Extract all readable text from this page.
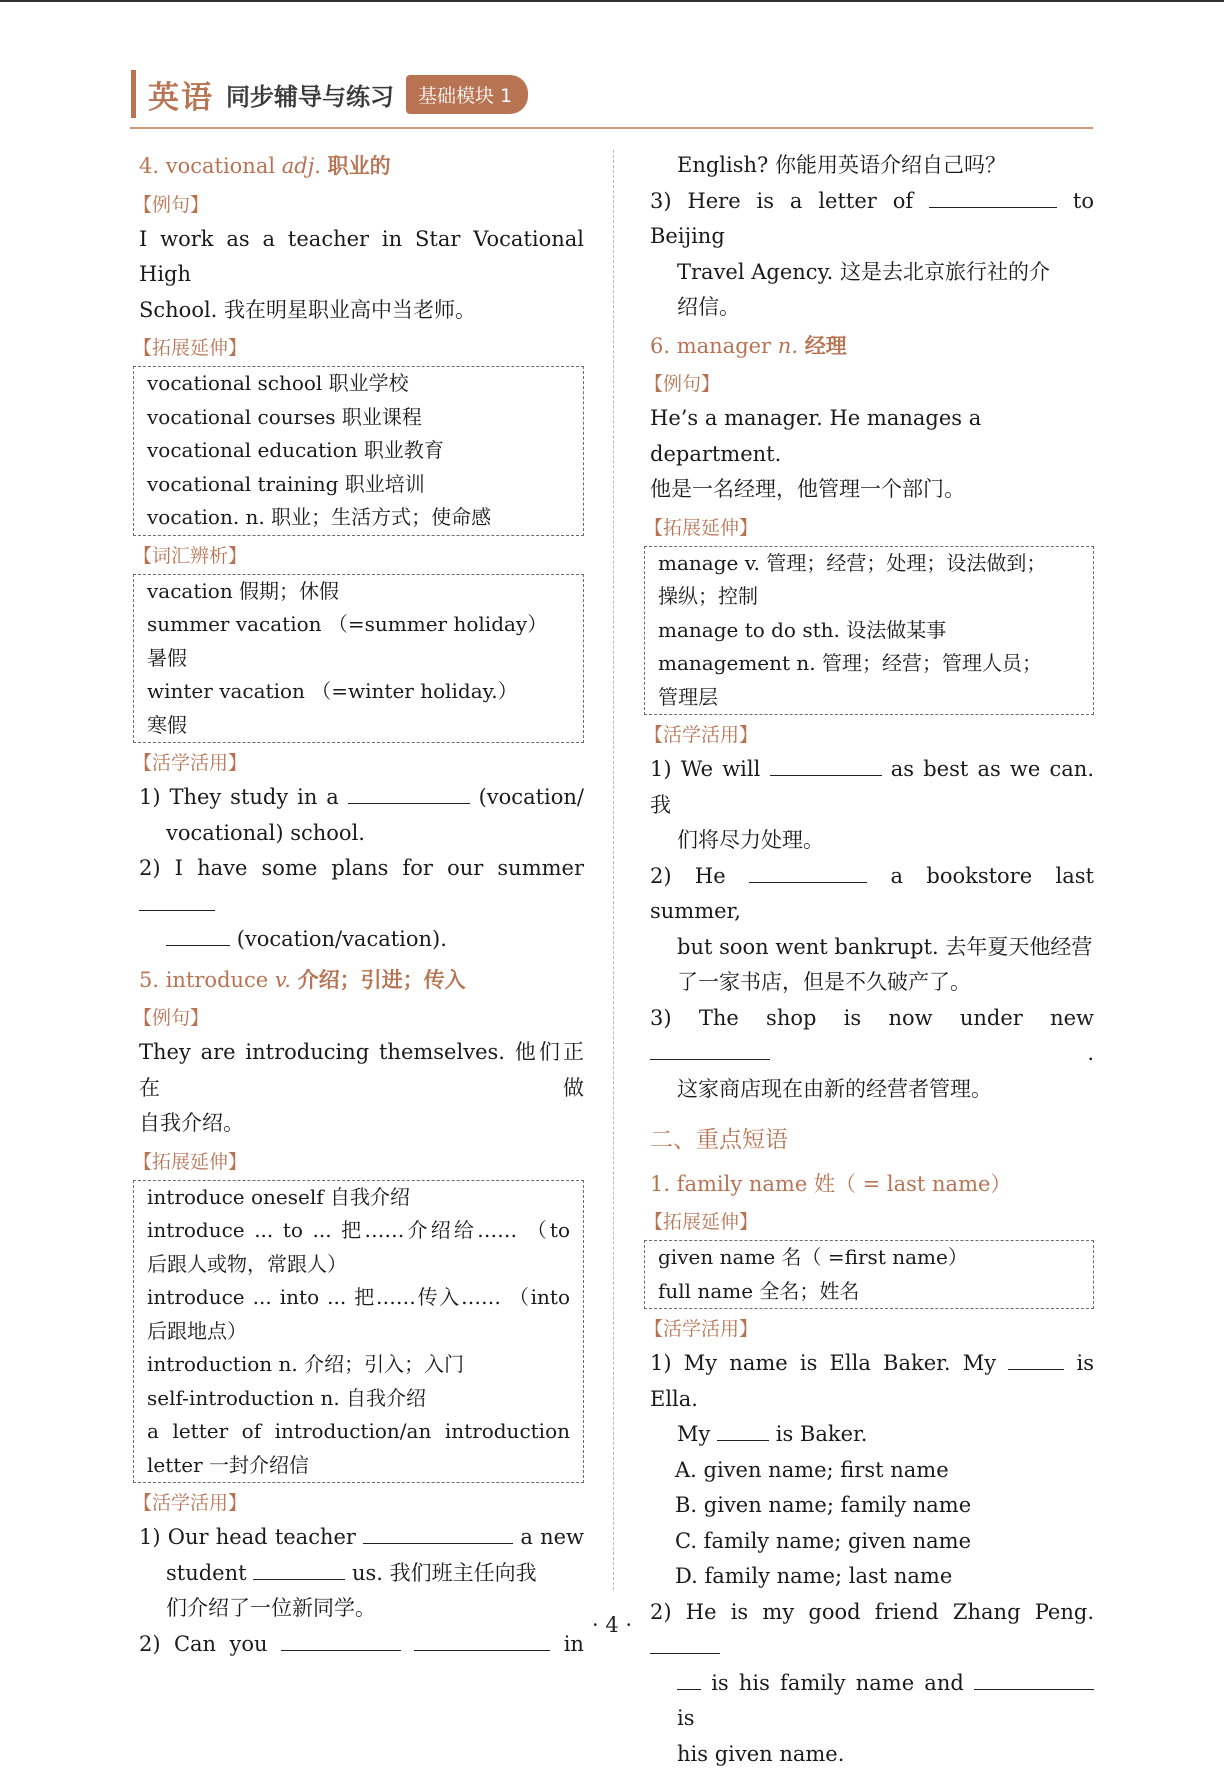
英语 同步辅导与练习	基础模块 1

4. vocational adj. 职业的

【例句】

I work as a teacher in Star Vocational High

School. 我在明星职业高中当老师。

【拓展延伸】

vocational school 职业学校

vocational courses 职业课程

vocational education 职业教育

vocational training 职业培训

vocation. n. 职业；生活方式；使命感

【词汇辨析】

vacation 假期；休假

summer vacation （=summer holiday）

暑假

winter vacation （=winter holiday.）

寒假

【活学活用】

1) They study in a	(vocation/

vocational) school.

2) I have some plans for our summer

(vocation/vacation).

5. introduce v. 介绍；引进；传入

【例句】

They are introducing themselves. 他们正在做

自我介绍。

【拓展延伸】

introduce oneself 自我介绍

introduce ... to ... 把……介绍给…… （to

后跟人或物，常跟人）

introduce ... into ... 把……传入…… （into

后跟地点）

introduction n. 介绍；引入；入门

self-introduction n. 自我介绍

a letter of introduction/an introduction

letter 一封介绍信

【活学活用】

1) Our head teacher	a new

student	us. 我们班主任向我

们介绍了一位新同学。

2) Can you	in

English? 你能用英语介绍自己吗？

3) Here is a letter of	to Beijing

Travel Agency. 这是去北京旅行社的介

绍信。

6. manager n. 经理

【例句】

He’s a manager. He manages a department.

他是一名经理，他管理一个部门。

【拓展延伸】

manage v. 管理；经营；处理；设法做到；

操纵；控制

manage to do sth. 设法做某事

management n. 管理；经营；管理人员；

管理层

【活学活用】

1) We will	as best as we can. 我

们将尽力处理。

2) He	a bookstore last summer,

but soon went bankrupt. 去年夏天他经营

了一家书店，但是不久破产了。

3) The shop is now under new  .

这家商店现在由新的经营者管理。

二、重点短语

1. family name 姓（ = last name）

【拓展延伸】

given name 名（ =first name）

full name 全名；姓名

【活学活用】

1) My name is Ella Baker. My	is Ella.

My	is Baker.

A. given name; first name

B. given name; family name

C. family name; given name

D. family name; last name

2) He is my good friend Zhang Peng.

is his family name and  is

his given name.

· 4 ·
